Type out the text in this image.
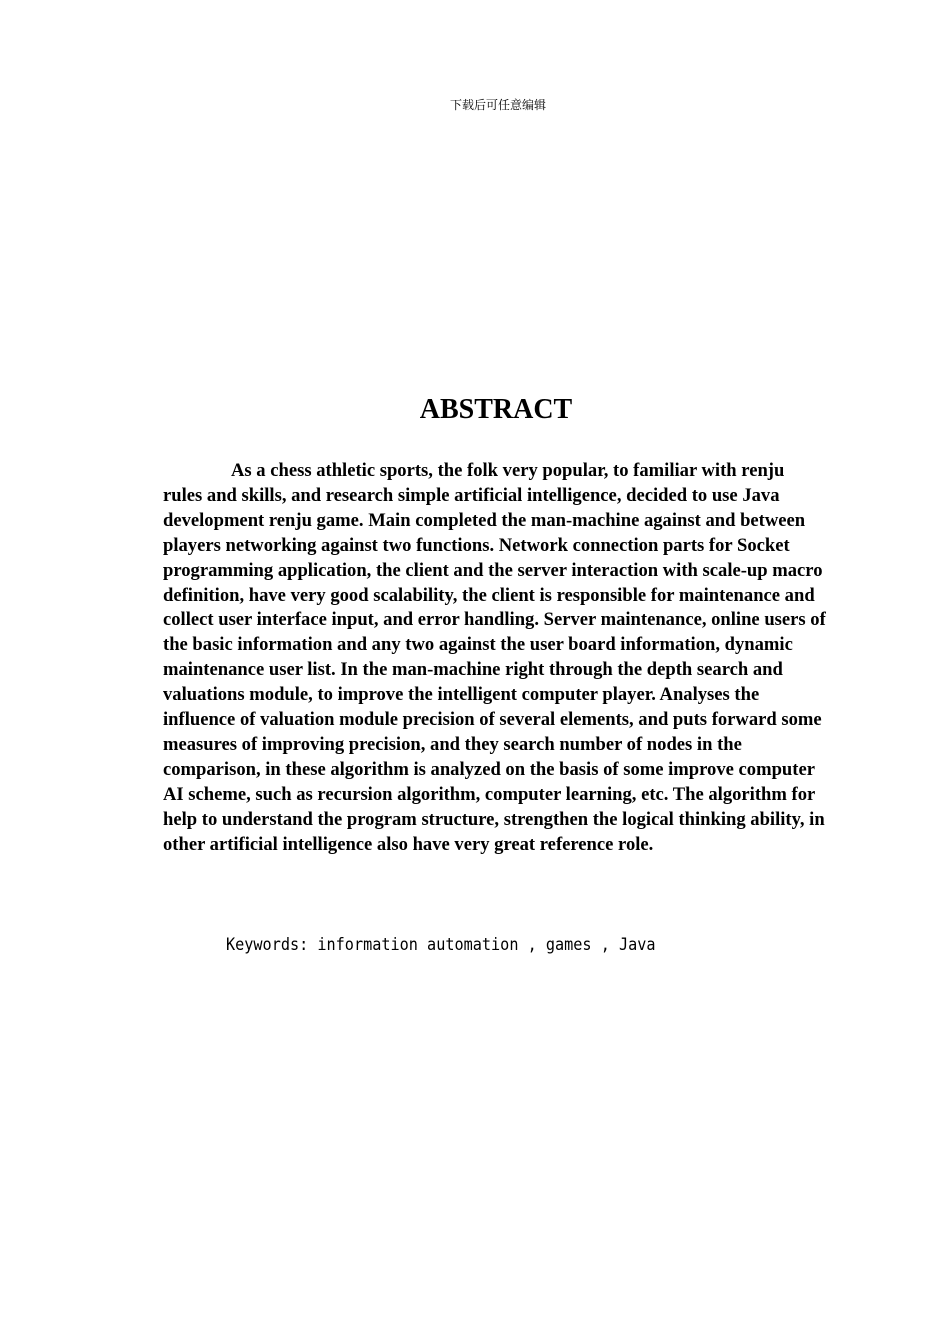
下载后可任意编辑
ABSTRACT

As a chess athletic sports, the folk very popular, to familiar with renju rules and skills, and research simple artificial intelligence, decided to use Java development renju game. Main completed the man-machine against and between players networking against two functions. Network connection parts for Socket programming application, the client and the server interaction with scale-up macro definition, have very good scalability, the client is responsible for maintenance and collect user interface input, and error handling. Server maintenance, online users of the basic information and any two against the user board information, dynamic maintenance user list. In the man-machine right through the depth search and valuations module, to improve the intelligent computer player. Analyses the influence of valuation module precision of several elements, and puts forward some measures of improving precision, and they search number of nodes in the comparison, in these algorithm is analyzed on the basis of some improve computer AI scheme, such as recursion algorithm, computer learning, etc. The algorithm for help to understand the program structure, strengthen the logical thinking ability, in other artificial intelligence also have very great reference role.

Keywords: information automation , games , Java
